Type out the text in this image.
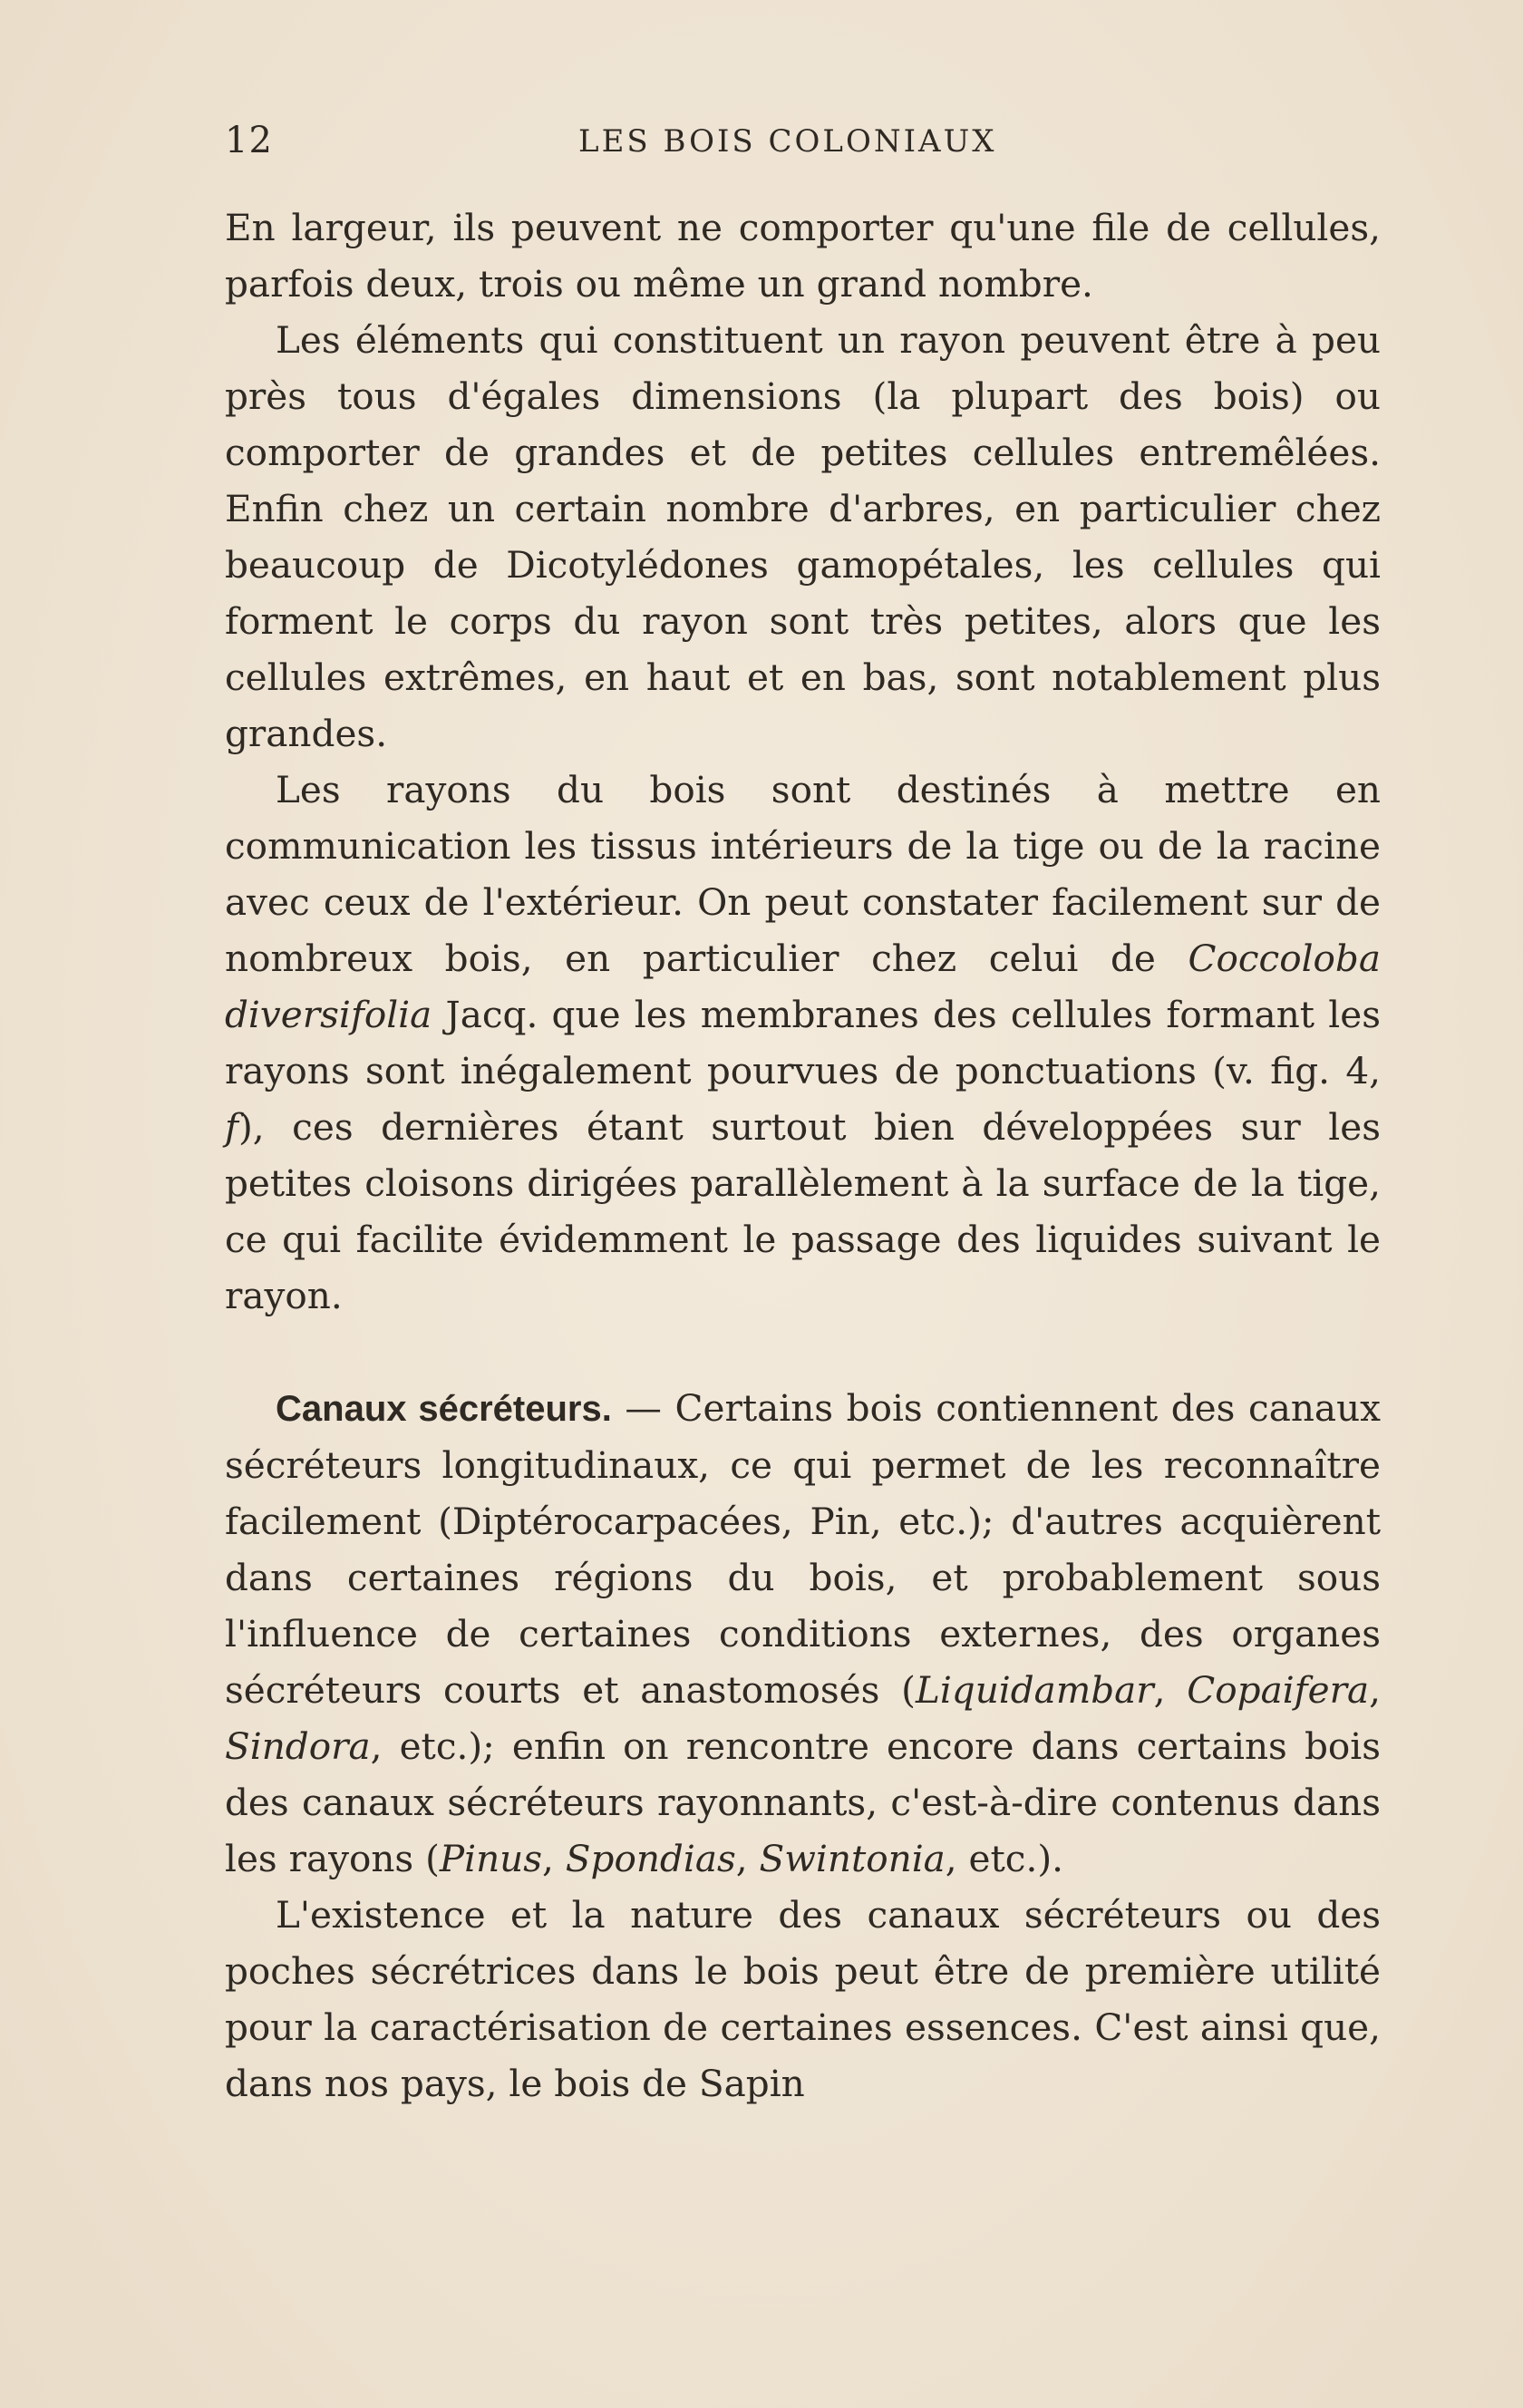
12	LES BOIS COLONIAUX

En largeur, ils peuvent ne comporter qu'une file de cellules, parfois deux, trois ou même un grand nombre.

Les éléments qui constituent un rayon peuvent être à peu près tous d'égales dimensions (la plupart des bois) ou comporter de grandes et de petites cellules entremêlées. Enfin chez un certain nombre d'arbres, en particulier chez beaucoup de Dicotylédones gamopétales, les cellules qui forment le corps du rayon sont très petites, alors que les cellules extrêmes, en haut et en bas, sont notablement plus grandes.

Les rayons du bois sont destinés à mettre en communication les tissus intérieurs de la tige ou de la racine avec ceux de l'extérieur. On peut constater facilement sur de nombreux bois, en particulier chez celui de Coccoloba diversifolia Jacq. que les membranes des cellules formant les rayons sont inégalement pourvues de ponctuations (v. fig. 4, f), ces dernières étant surtout bien développées sur les petites cloisons dirigées parallèlement à la surface de la tige, ce qui facilite évidemment le passage des liquides suivant le rayon.

Canaux sécréteurs. — Certains bois contiennent des canaux sécréteurs longitudinaux, ce qui permet de les reconnaître facilement (Diptérocarpacées, Pin, etc.); d'autres acquièrent dans certaines régions du bois, et probablement sous l'influence de certaines conditions externes, des organes sécréteurs courts et anastomosés (Liquidambar, Copaifera, Sindora, etc.); enfin on rencontre encore dans certains bois des canaux sécréteurs rayonnants, c'est-à-dire contenus dans les rayons (Pinus, Spondias, Swintonia, etc.).

L'existence et la nature des canaux sécréteurs ou des poches sécrétrices dans le bois peut être de première utilité pour la caractérisation de certaines essences. C'est ainsi que, dans nos pays, le bois de Sapin
